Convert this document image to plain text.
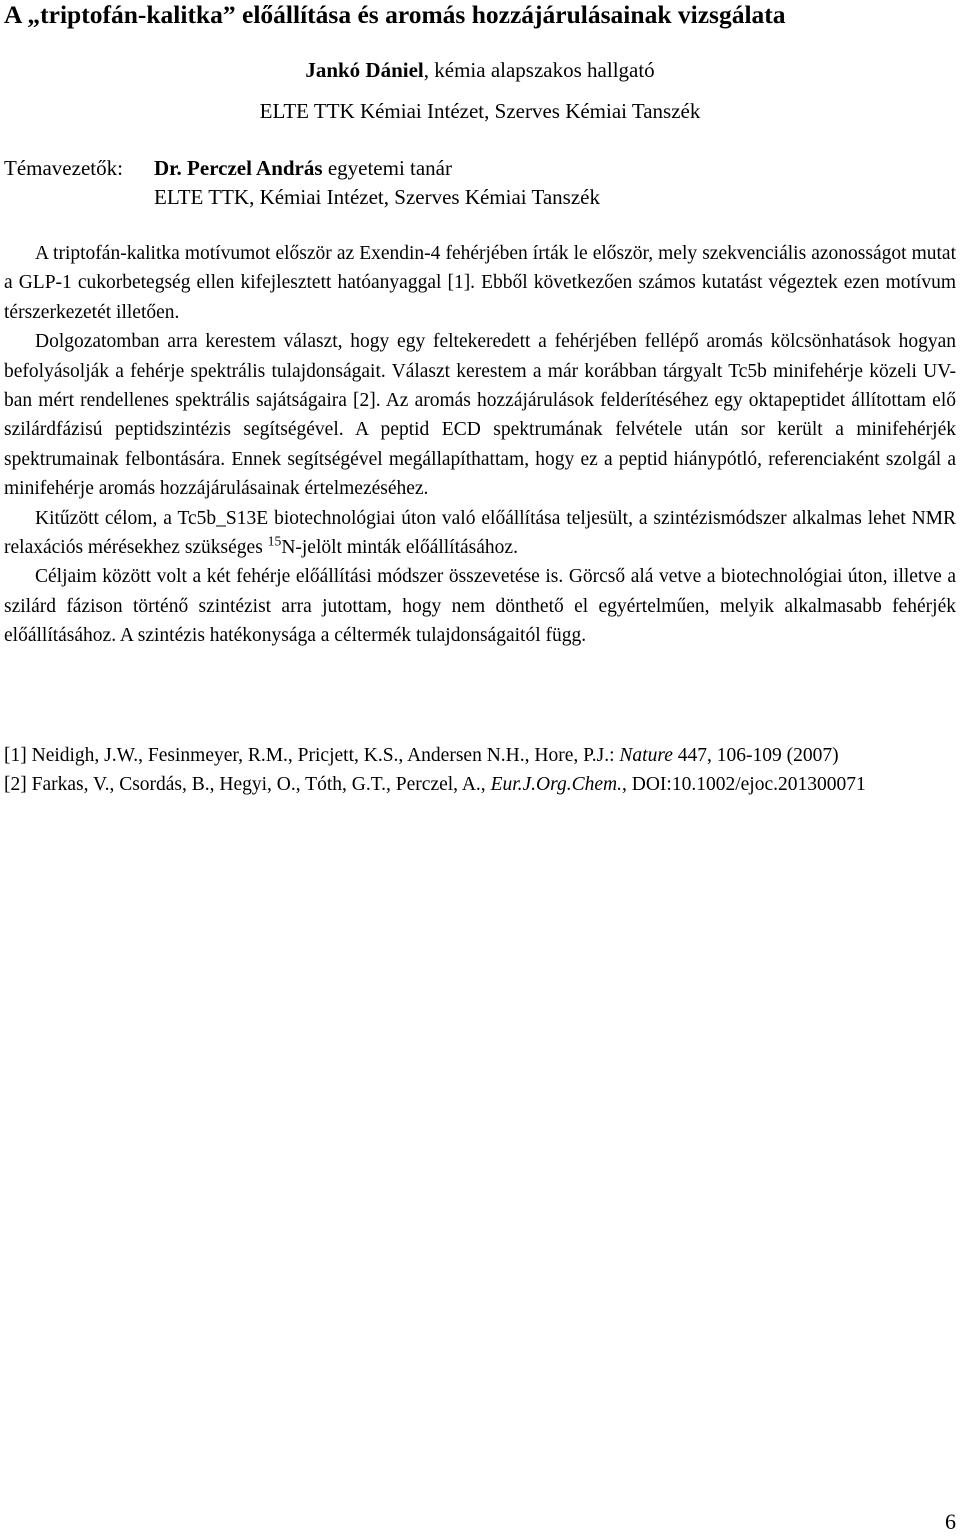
A „triptofán-kalitka” előállítása és aromás hozzájárulásainak vizsgálata
Jankó Dániel, kémia alapszakos hallgató
ELTE TTK Kémiai Intézet, Szerves Kémiai Tanszék
Témavezetők: Dr. Perczel András egyetemi tanár
ELTE TTK, Kémiai Intézet, Szerves Kémiai Tanszék

A triptofán-kalitka motívumot először az Exendin-4 fehérjében írták le először, mely szekvenciális azonosságot mutat a GLP-1 cukorbetegség ellen kifejlesztett hatóanyaggal [1]. Ebből következően számos kutatást végeztek ezen motívum térszerkezetét illetően.

Dolgozatomban arra kerestem választ, hogy egy feltekeredett a fehérjében fellépő aromás kölcsönhatások hogyan befolyásolják a fehérje spektrális tulajdonságait. Választ kerestem a már korábban tárgyalt Tc5b minifehérje közeli UV-ban mért rendellenes spektrális sajátságaira [2]. Az aromás hozzájárulások felderítéséhez egy oktapeptidet állítottam elő szilárdfázisú peptidszintézis segítségével. A peptid ECD spektrumának felvétele után sor került a minifehérjék spektrumainak felbontására. Ennek segítségével megállapíthattam, hogy ez a peptid hiánypótló, referenciaként szolgál a minifehérje aromás hozzájárulásainak értelmezéséhez.

Kitűzött célom, a Tc5b_S13E biotechnológiai úton való előállítása teljesült, a szintézismódszer alkalmas lehet NMR relaxációs mérésekhez szükséges $^{15}$N-jelölt minták előállításához.

Céljaim között volt a két fehérje előállítási módszer összevetése is. Görcső alá vetve a biotechnológiai úton, illetve a szilárd fázison történő szintézist arra jutottam, hogy nem dönthető el egyértelműen, melyik alkalmasabb fehérjék előállításához. A szintézis hatékonysága a céltermék tulajdonságaitól függ.

[1] Neidigh, J.W., Fesinmeyer, R.M., Pricjett, K.S., Andersen N.H., Hore, P.J.: Nature 447, 106-109 (2007)
[2] Farkas, V., Csordás, B., Hegyi, O., Tóth, G.T., Perczel, A., Eur.J.Org.Chem., DOI:10.1002/ejoc.201300071
6
